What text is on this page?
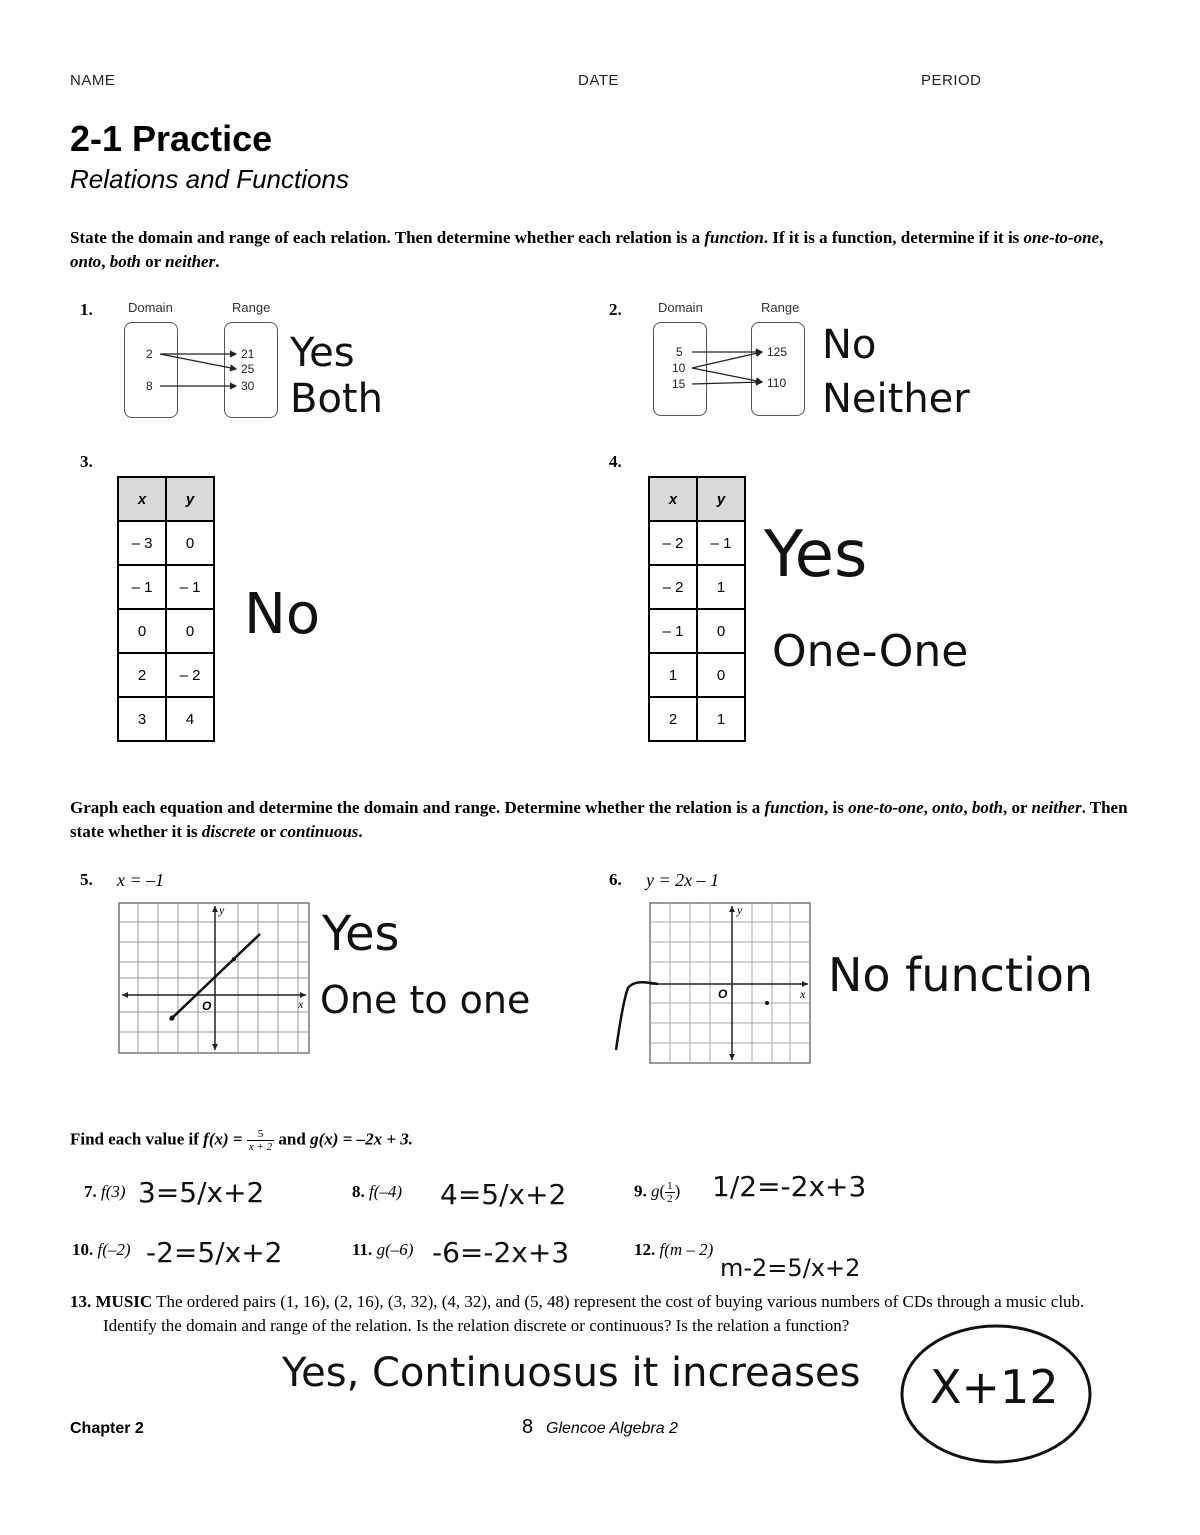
NAME	DATE	PERIOD
2-1 Practice
Relations and Functions
State the domain and range of each relation. Then determine whether each relation is a function. If it is a function, determine if it is one-to-one, onto, both or neither.
1.	Domain	Range
2
8
21
25
30
Yes
Both
2.	Domain	Range
5
10
15
125
110
No
Neither
3.
x	y
– 3	0
– 1	– 1
0	0
2	– 2
3	4
No
4.
x	y
– 2	– 1
– 2	1
– 1	0
1	0
2	1
Yes
One-One
Graph each equation and determine the domain and range. Determine whether the relation is a function, is one-to-one, onto, both, or neither. Then state whether it is discrete or continuous.
5. x = –1
y
x
O
Yes
One to one
6. y = 2x – 1
y
x
O No function
Find each value if $f(x) = \frac{5}{x + 2}$ and g(x) = –2x + 3.
7. f(3) 3=5/x+2	8. f(–4) 4=5/x+2	9. $g( \frac{1}{2}$ ) 1/2=-2x+3
10. f(–2) -2=5/x+2	11. g(–6) -6=-2x+3	12. f(m – 2)
m-2=5/x+2
13. MUSIC The ordered pairs (1, 16), (2, 16), (3, 32), (4, 32), and (5, 48) represent the cost of buying various numbers of CDs through a music club. Identify the domain and range of the relation. Is the relation discrete or continuous? Is the relation a function?
Yes, Continuosus it increases X+12
Chapter 2	8 Glencoe Algebra 2
